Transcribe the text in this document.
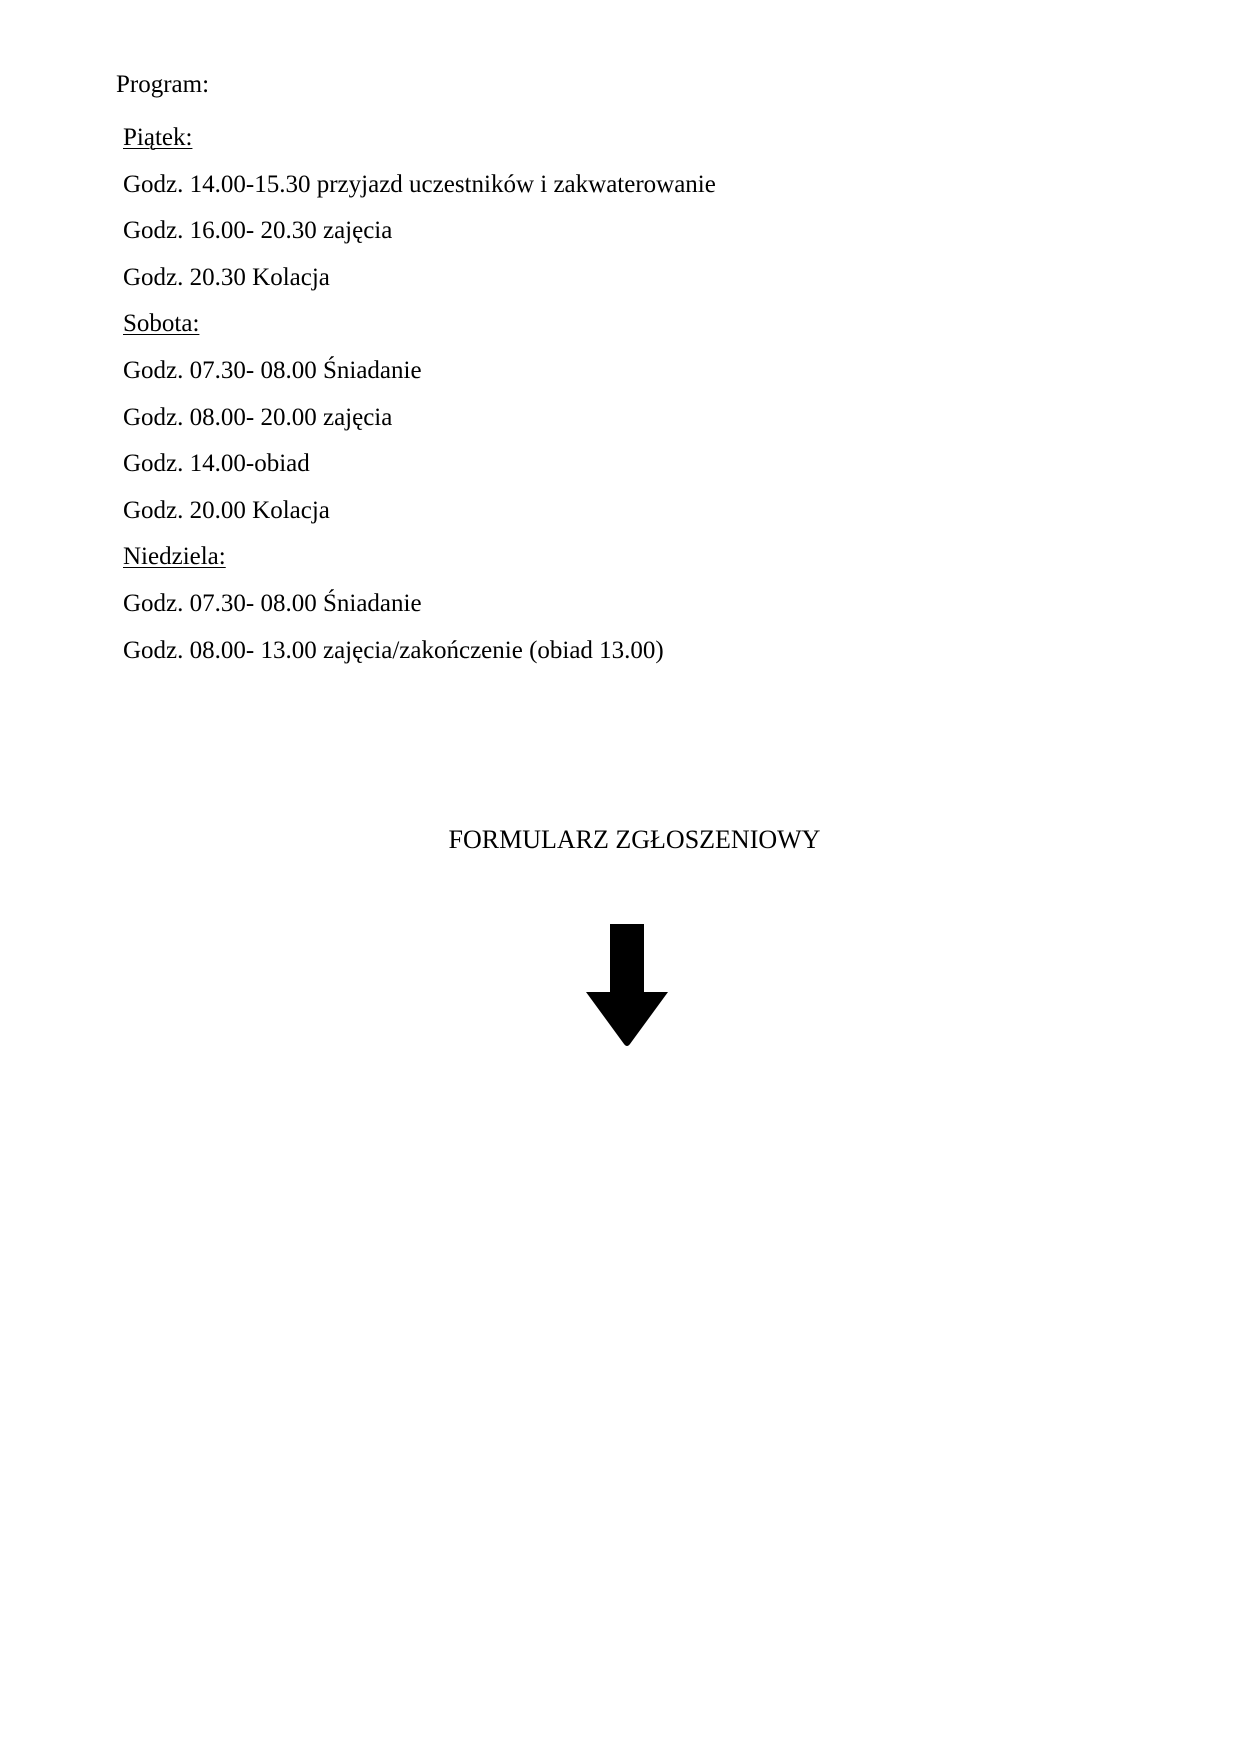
Program:
Piątek:
Godz. 14.00-15.30 przyjazd uczestników i zakwaterowanie
Godz. 16.00- 20.30 zajęcia
Godz. 20.30 Kolacja
Sobota:
Godz. 07.30- 08.00 Śniadanie
Godz. 08.00- 20.00 zajęcia
Godz. 14.00-obiad
Godz. 20.00 Kolacja
Niedziela:
Godz. 07.30- 08.00 Śniadanie
Godz. 08.00- 13.00 zajęcia/zakończenie (obiad 13.00)
FORMULARZ ZGŁOSZENIOWY
